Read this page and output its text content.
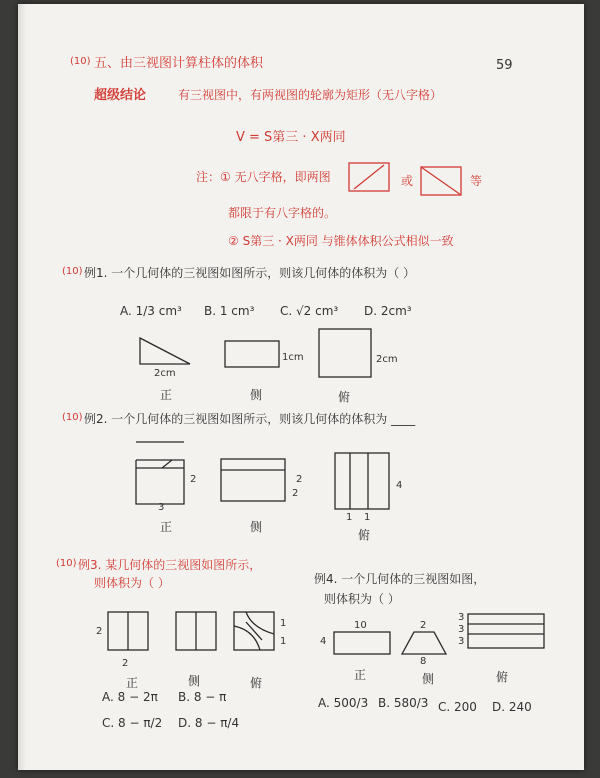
(10) 五、由三视图计算柱体的体积	59
超级结论	有三视图中，有两视图的轮廓为矩形（无八字格）
V = S第三 · X两同
注：① 无八字格，即两图	或	等
都限于有八字格的。
② S第三 · X两同 与锥体体积公式相似一致
(10) 例1. 一个几何体的三视图如图所示，则该几何体的体积为（ ）
A. 1/3 cm³ B. 1 cm³ C. √2 cm³ D. 2cm³
2cm
正
1cm
侧
2cm
俯
(10) 例2. 一个几何体的三视图如图所示，则该几何体的体积为 ____
2
3
正
2
2
侧
4
1 1
俯
(10) 例3. 某几何体的三视图如图所示，
则体积为（ ）
2
2
正	侧
1
1
俯
A. 8 − 2π B. 8 − π
C. 8 − π/2 D. 8 − π/4
例4. 一个几何体的三视图如图，
则体积为（ ）
10
4
正
2
8
侧
3
3
3
俯
A. 500/3 B. 580/3 C. 200 D. 240
